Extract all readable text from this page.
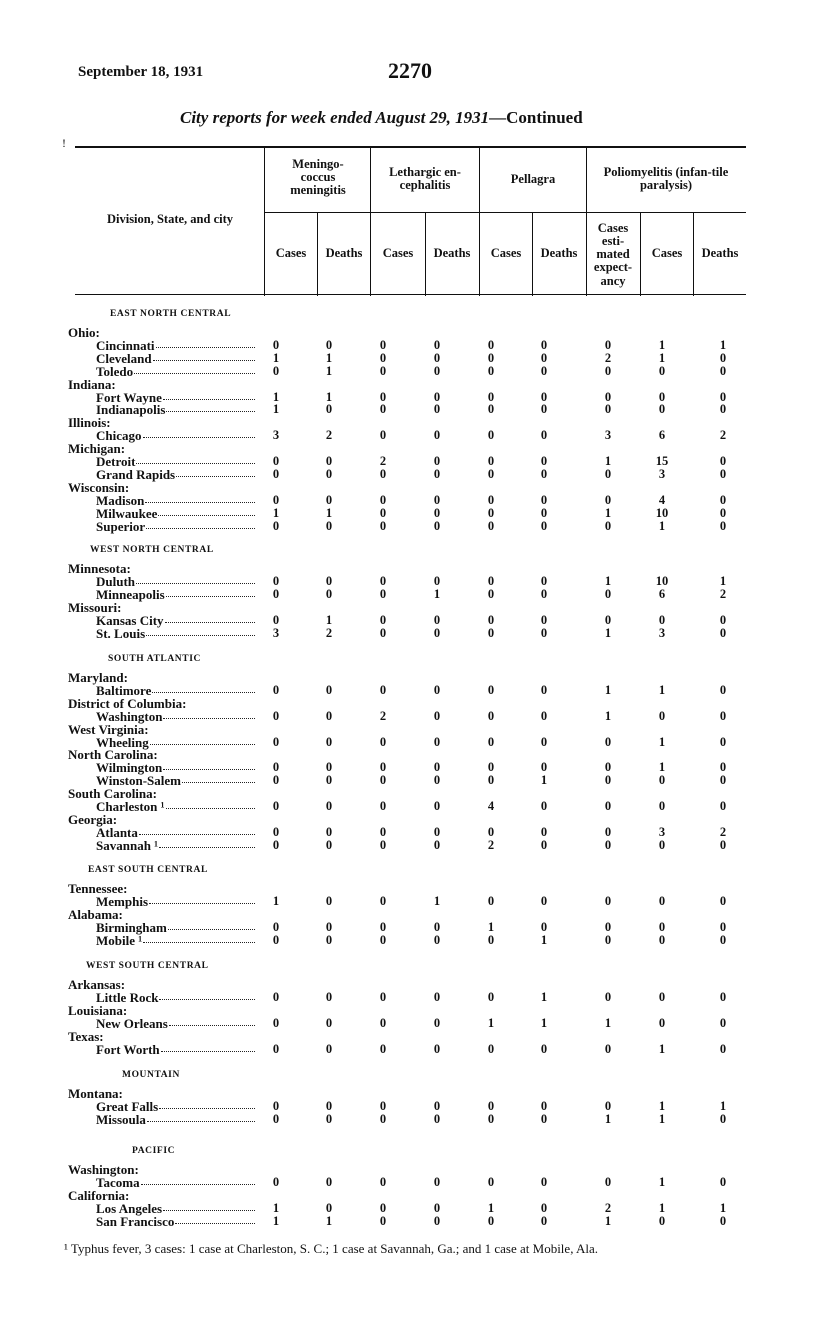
September 18, 1931	2270
City reports for week ended August 29, 1931—Continued
!
Division, State, and city
Meningo-coccus meningitis
Lethargic en-cephalitis	Pellagra	Poliomyelitis (infan-tile paralysis)
Cases	Deaths	Cases	Deaths	Cases	Deaths
Cases esti-mated expect-ancy
Cases	Deaths
EAST NORTH CENTRAL
Ohio:
Cincinnati	0	0	0	0	0	0	0	1	1
Cleveland	1	1	0	0	0	0	2	1	0
Toledo	0	1	0	0	0	0	0	0	0
Indiana:
Fort Wayne	1	1	0	0	0	0	0	0	0
Indianapolis	1	0	0	0	0	0	0	0	0
Illinois:
Chicago	3	2	0	0	0	0	3	6	2
Michigan:
Detroit	0	0	2	0	0	0	1	15	0
Grand Rapids	0	0	0	0	0	0	0	3	0
Wisconsin:
Madison	0	0	0	0	0	0	0	4	0
Milwaukee	1	1	0	0	0	0	1	10	0
Superior	0	0	0	0	0	0	0	1	0
WEST NORTH CENTRAL
Minnesota:
Duluth	0	0	0	0	0	0	1	10	1
Minneapolis	0	0	0	1	0	0	0	6	2
Missouri:
Kansas City	0	1	0	0	0	0	0	0	0
St. Louis	3	2	0	0	0	0	1	3	0
SOUTH ATLANTIC
Maryland:
Baltimore	0	0	0	0	0	0	1	1	0
District of Columbia:
Washington	0	0	2	0	0	0	1	0	0
West Virginia:
Wheeling	0	0	0	0	0	0	0	1	0
North Carolina:
Wilmington	0	0	0	0	0	0	0	1	0
Winston-Salem	0	0	0	0	0	1	0	0	0
South Carolina:
Charleston ¹	0	0	0	0	4	0	0	0	0
Georgia:
Atlanta	0	0	0	0	0	0	0	3	2
Savannah ¹	0	0	0	0	2	0	0	0	0
EAST SOUTH CENTRAL
Tennessee:
Memphis	1	0	0	1	0	0	0	0	0
Alabama:
Birmingham	0	0	0	0	1	0	0	0	0
Mobile ¹	0	0	0	0	0	1	0	0	0
WEST SOUTH CENTRAL
Arkansas:
Little Rock	0	0	0	0	0	1	0	0	0
Louisiana:
New Orleans	0	0	0	0	1	1	1	0	0
Texas:
Fort Worth	0	0	0	0	0	0	0	1	0
MOUNTAIN
Montana:
Great Falls	0	0	0	0	0	0	0	1	1
Missoula	0	0	0	0	0	0	1	1	0
PACIFIC
Washington:
Tacoma	0	0	0	0	0	0	0	1	0
California:
Los Angeles	1	0	0	0	1	0	2	1	1
San Francisco	1	1	0	0	0	0	1	0	0
¹ Typhus fever, 3 cases: 1 case at Charleston, S. C.; 1 case at Savannah, Ga.; and 1 case at Mobile, Ala.
